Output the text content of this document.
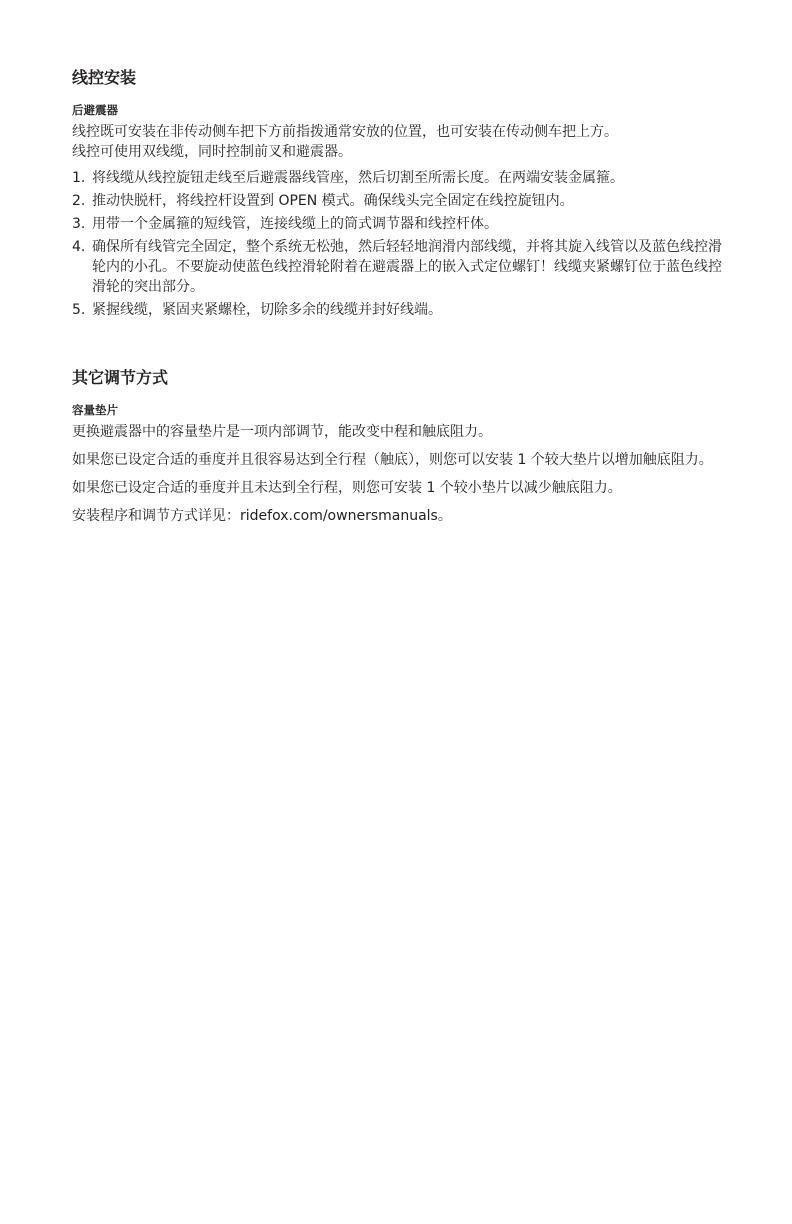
线控安装
后避震器

线控既可安装在非传动侧车把下方前指拨通常安放的位置，也可安装在传动侧车把上方。

线控可使用双线缆，同时控制前叉和避震器。

1. 将线缆从线控旋钮走线至后避震器线管座，然后切割至所需长度。在两端安装金属箍。
2. 推动快脱杆，将线控杆设置到 OPEN 模式。确保线头完全固定在线控旋钮内。
3. 用带一个金属箍的短线管，连接线缆上的筒式调节器和线控杆体。
4. 确保所有线管完全固定，整个系统无松弛，然后轻轻地润滑内部线缆，并将其旋入线管以及蓝色线控滑轮内的小孔。不要旋动使蓝色线控滑轮附着在避震器上的嵌入式定位螺钉！线缆夹紧螺钉位于蓝色线控滑轮的突出部分。
5. 紧握线缆，紧固夹紧螺栓，切除多余的线缆并封好线端。
其它调节方式
容量垫片

更换避震器中的容量垫片是一项内部调节，能改变中程和触底阻力。

如果您已设定合适的垂度并且很容易达到全行程（触底），则您可以安装 1 个较大垫片以增加触底阻力。

如果您已设定合适的垂度并且未达到全行程，则您可安装 1 个较小垫片以减少触底阻力。

安装程序和调节方式详见：ridefox.com/ownersmanuals。
